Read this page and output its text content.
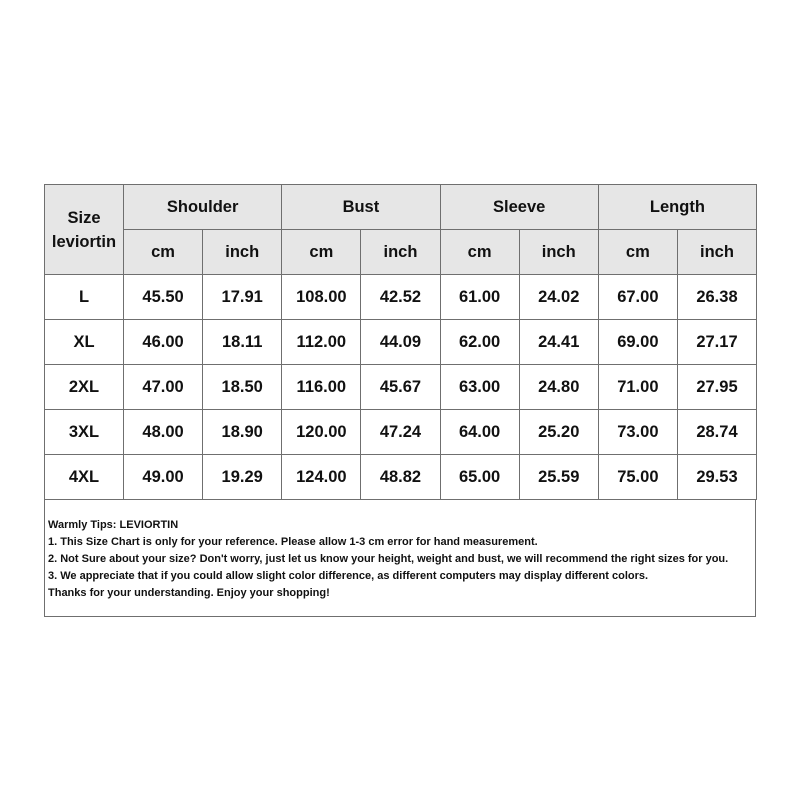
Size
leviortin	Shoulder		Bust		Sleeve		Length	
	cm	inch	cm	inch	cm	inch	cm	inch
L	45.50	17.91	108.00	42.52	61.00	24.02	67.00	26.38
XL	46.00	18.11	112.00	44.09	62.00	24.41	69.00	27.17
2XL	47.00	18.50	116.00	45.67	63.00	24.80	71.00	27.95
3XL	48.00	18.90	120.00	47.24	64.00	25.20	73.00	28.74
4XL	49.00	19.29	124.00	48.82	65.00	25.59	75.00	29.53
Warmly Tips: LEVIORTIN
1. This Size Chart is only for your reference. Please allow 1-3 cm error for hand measurement.
2. Not Sure about your size? Don't worry, just let us know your height, weight and bust, we will recommend the right sizes for you.
3. We appreciate that if you could allow slight color difference, as different computers may display different colors.
Thanks for your understanding. Enjoy your shopping!
